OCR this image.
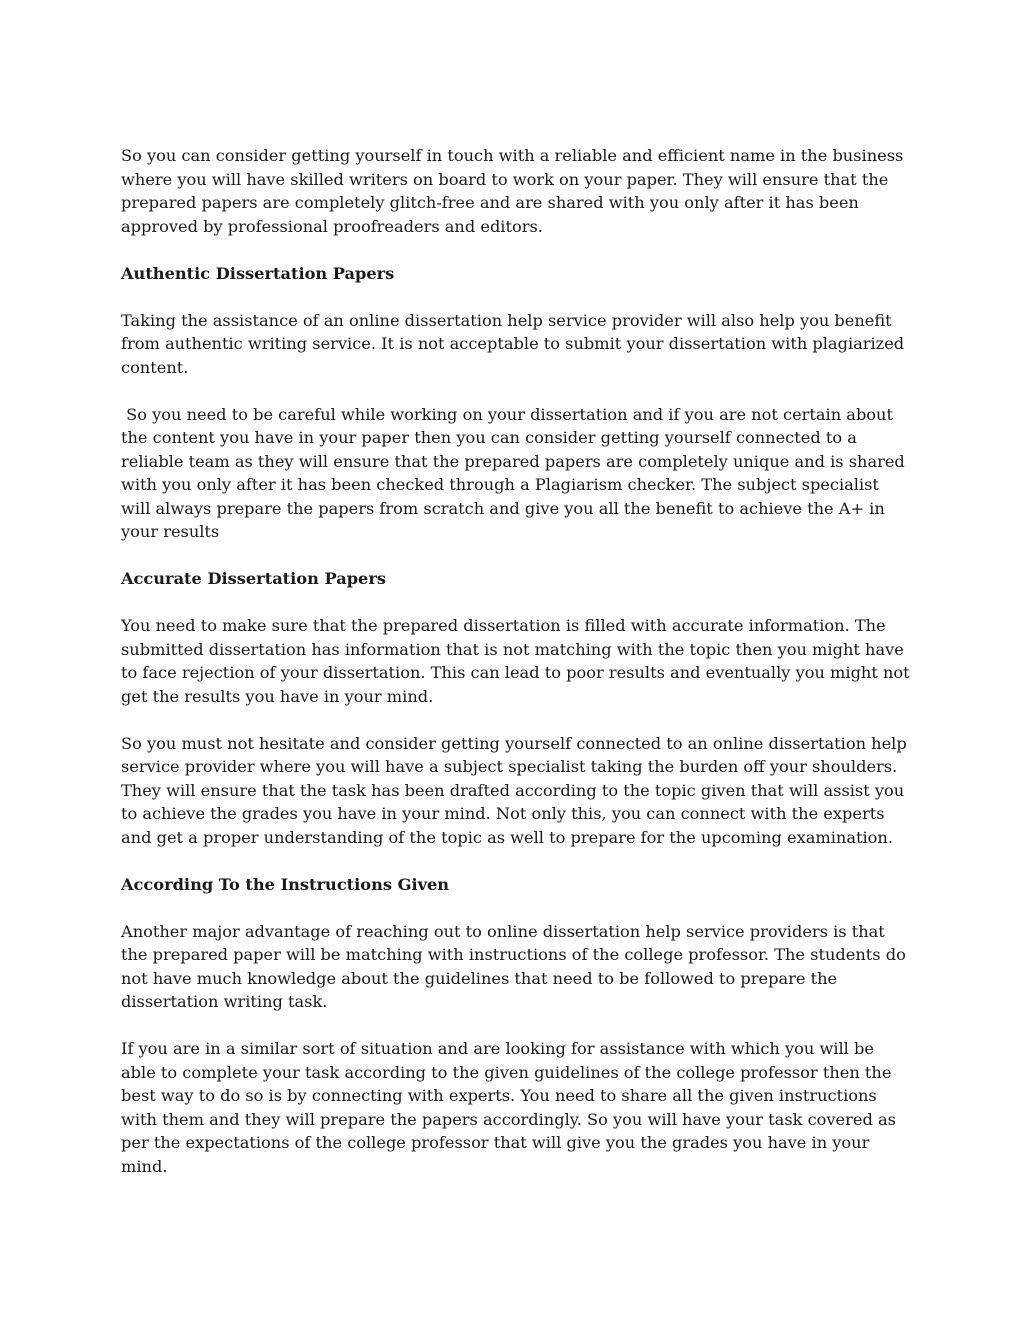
So you can consider getting yourself in touch with a reliable and efficient name in the business where you will have skilled writers on board to work on your paper. They will ensure that the prepared papers are completely glitch-free and are shared with you only after it has been approved by professional proofreaders and editors.

Authentic Dissertation Papers

Taking the assistance of an online dissertation help service provider will also help you benefit from authentic writing service. It is not acceptable to submit your dissertation with plagiarized content.

So you need to be careful while working on your dissertation and if you are not certain about the content you have in your paper then you can consider getting yourself connected to a reliable team as they will ensure that the prepared papers are completely unique and is shared with you only after it has been checked through a Plagiarism checker. The subject specialist will always prepare the papers from scratch and give you all the benefit to achieve the A+ in your results

Accurate Dissertation Papers

You need to make sure that the prepared dissertation is filled with accurate information. The submitted dissertation has information that is not matching with the topic then you might have to face rejection of your dissertation. This can lead to poor results and eventually you might not get the results you have in your mind.

So you must not hesitate and consider getting yourself connected to an online dissertation help service provider where you will have a subject specialist taking the burden off your shoulders. They will ensure that the task has been drafted according to the topic given that will assist you to achieve the grades you have in your mind. Not only this, you can connect with the experts and get a proper understanding of the topic as well to prepare for the upcoming examination.

According To the Instructions Given

Another major advantage of reaching out to online dissertation help service providers is that the prepared paper will be matching with instructions of the college professor. The students do not have much knowledge about the guidelines that need to be followed to prepare the dissertation writing task.

If you are in a similar sort of situation and are looking for assistance with which you will be able to complete your task according to the given guidelines of the college professor then the best way to do so is by connecting with experts. You need to share all the given instructions with them and they will prepare the papers accordingly. So you will have your task covered as per the expectations of the college professor that will give you the grades you have in your mind.
